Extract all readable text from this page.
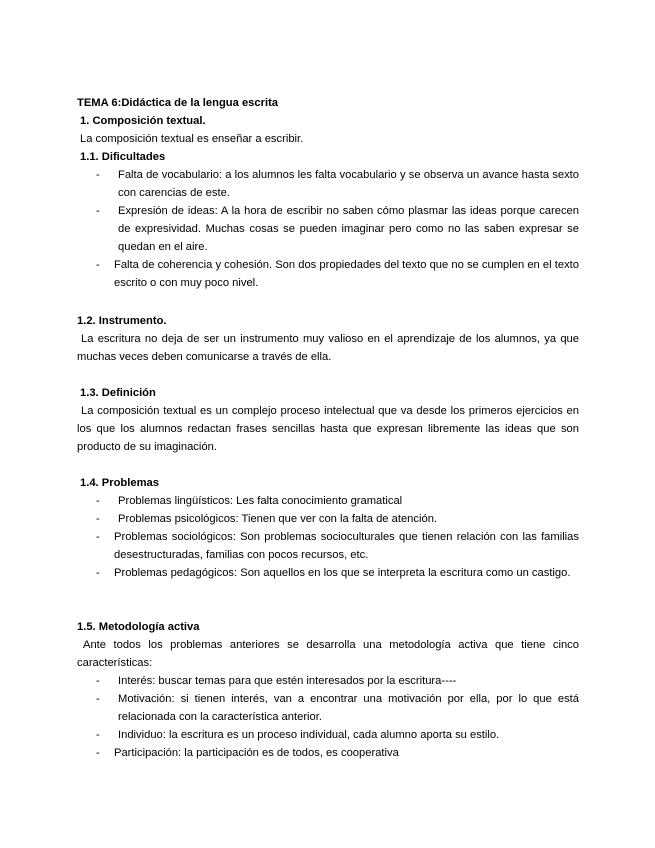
TEMA 6:Didáctica de la lengua escrita
1. Composición textual.
La composición textual es enseñar a escribir.
1.1. Dificultades
- Falta de vocabulario: a los alumnos les falta vocabulario y se observa un avance hasta sexto con carencias de este.
- Expresión de ideas: A la hora de escribir no saben cómo plasmar las ideas porque carecen de expresividad. Muchas cosas se pueden imaginar pero como no las saben expresar se quedan en el aire.
- Falta de coherencia y cohesión. Son dos propiedades del texto que no se cumplen en el texto escrito o con muy poco nivel.
1.2. Instrumento.
La escritura no deja de ser un instrumento muy valioso en el aprendizaje de los alumnos, ya que muchas veces deben comunicarse a través de ella.
1.3. Definición
La composición textual es un complejo proceso intelectual que va desde los primeros ejercicios en los que los alumnos redactan frases sencillas hasta que expresan libremente las ideas que son producto de su imaginación.
1.4. Problemas
- Problemas lingüísticos: Les falta conocimiento gramatical
- Problemas psicológicos: Tienen que ver con la falta de atención.
- Problemas sociológicos: Son problemas socioculturales que tienen relación con las familias desestructuradas, familias con pocos recursos, etc.
- Problemas pedagógicos: Son aquellos en los que se interpreta la escritura como un castigo.
1.5. Metodología activa
Ante todos los problemas anteriores se desarrolla una metodología activa que tiene cinco características:
- Interés: buscar temas para que estén interesados por la escritura----
- Motivación: si tienen interés, van a encontrar una motivación por ella, por lo que está relacionada con la característica anterior.
- Individuo: la escritura es un proceso individual, cada alumno aporta su estilo.
- Participación: la participación es de todos, es cooperativa
